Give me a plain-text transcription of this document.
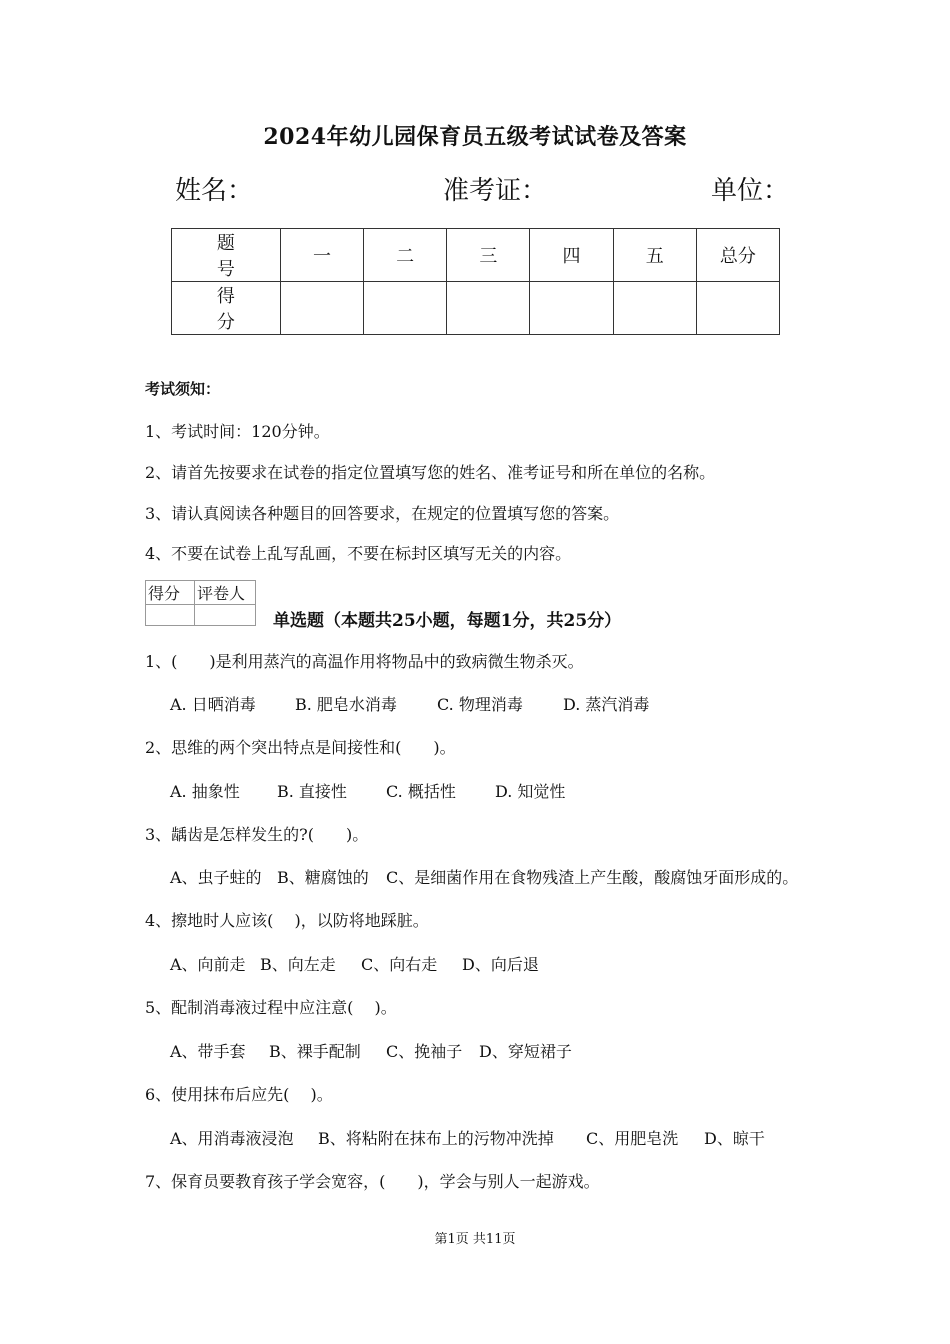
2024年幼儿园保育员五级考试试卷及答案
姓名：	准考证：	单位：
题号	一	二	三	四	五	总分
得分						
考试须知：
1、考试时间：120分钟。
2、请首先按要求在试卷的指定位置填写您的姓名、准考证号和所在单位的名称。
3、请认真阅读各种题目的回答要求，在规定的位置填写您的答案。
4、不要在试卷上乱写乱画，不要在标封区填写无关的内容。
得分	评卷人

单选题（本题共25小题，每题1分，共25分）
1、(　　)是利用蒸汽的高温作用将物品中的致病微生物杀灭。
A. 日晒消毒 B. 肥皂水消毒	C. 物理消毒	D. 蒸汽消毒
2、思维的两个突出特点是间接性和(　　)。
A. 抽象性 B. 直接性 C. 概括性 D. 知觉性
3、龋齿是怎样发生的?(　　)。
A、虫子蛀的 B、糖腐蚀的 C、是细菌作用在食物残渣上产生酸，酸腐蚀牙面形成的。
4、擦地时人应该(　 )，以防将地踩脏。
A、向前走 B、向左走 C、向右走 D、向后退
5、配制消毒液过程中应注意(　 )。
A、带手套 B、裸手配制 C、挽袖子 D、穿短裙子
6、使用抹布后应先(　 )。
A、用消毒液浸泡 B、将粘附在抹布上的污物冲洗掉 C、用肥皂洗 D、晾干
7、保育员要教育孩子学会宽容，(　　)，学会与别人一起游戏。
第1页 共11页
